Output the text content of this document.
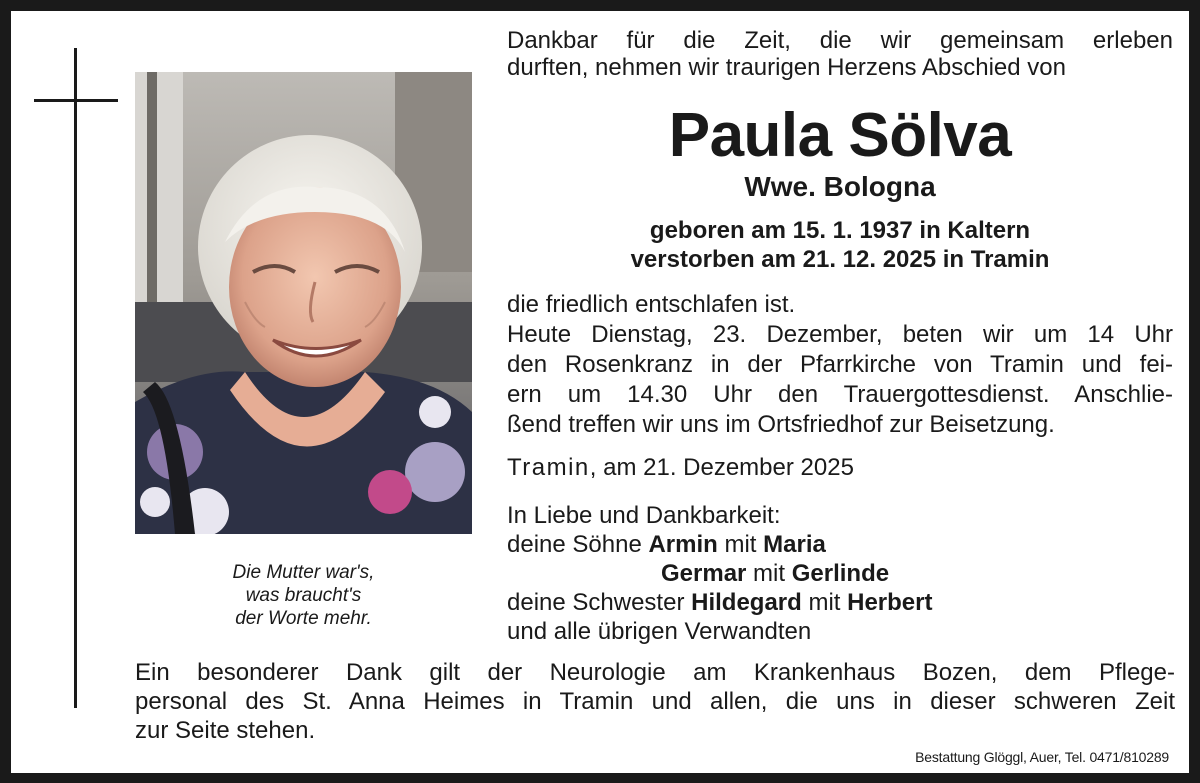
Die Mutter war's,
was braucht's
der Worte mehr.
Dankbar für die Zeit, die wir gemeinsam erleben
durften, nehmen wir traurigen Herzens Abschied von
Paula Sölva
Wwe. Bologna
geboren am 15. 1. 1937 in Kaltern
verstorben am 21. 12. 2025 in Tramin
die friedlich entschlafen ist.
Heute Dienstag, 23. Dezember, beten wir um 14 Uhr
den Rosenkranz in der Pfarrkirche von Tramin und fei-
ern um 14.30 Uhr den Trauergottesdienst. Anschlie-
ßend treffen wir uns im Ortsfriedhof zur Beisetzung.
Tramin, am 21. Dezember 2025
In Liebe und Dankbarkeit:
deine Söhne Armin mit Maria
Germar mit Gerlinde
deine Schwester Hildegard mit Herbert
und alle übrigen Verwandten
Ein besonderer Dank gilt der Neurologie am Krankenhaus Bozen, dem Pflege-
personal des St. Anna Heimes in Tramin und allen, die uns in dieser schweren Zeit
zur Seite stehen.
Bestattung Glöggl, Auer, Tel. 0471/810289
